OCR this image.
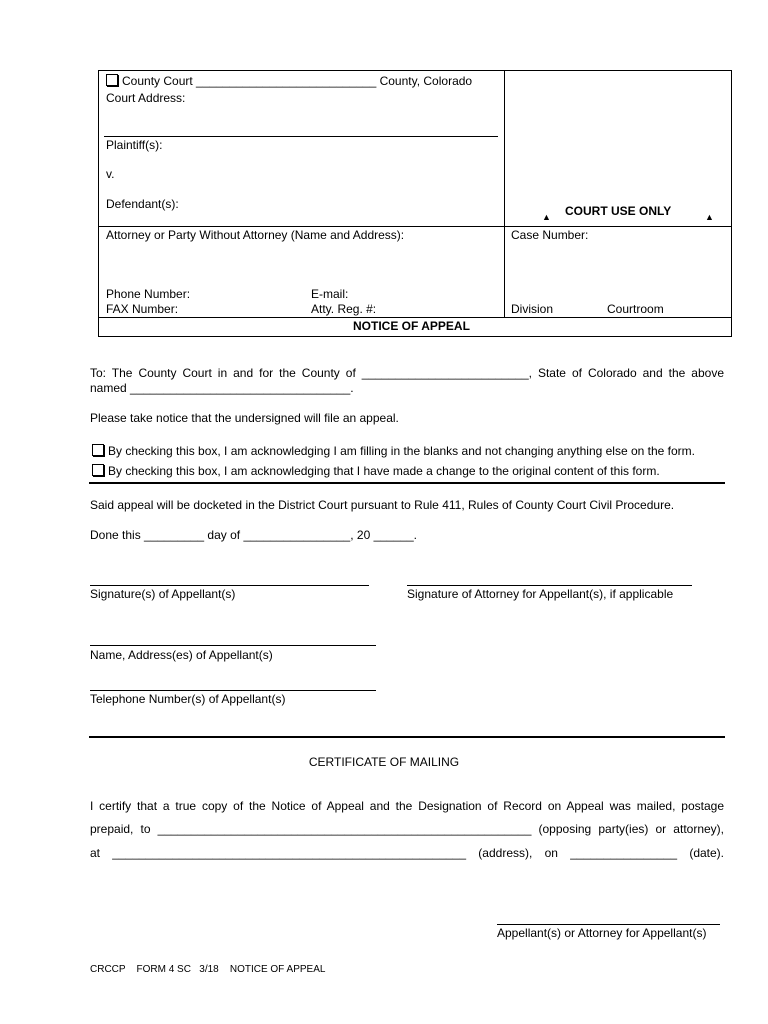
County Court ___________________________ County, Colorado
Court Address:
Plaintiff(s):
v.
Defendant(s):
▲ COURT USE ONLY	▲
Attorney or Party Without Attorney (Name and Address):	Case Number:
Phone Number:	E-mail:
FAX Number:	Atty. Reg. #:	Division	Courtroom
NOTICE OF APPEAL
To: The County Court in and for the County of _________________________, State of Colorado and the above
named _________________________________.
Please take notice that the undersigned will file an appeal.
By checking this box, I am acknowledging I am filling in the blanks and not changing anything else on the form.
By checking this box, I am acknowledging that I have made a change to the original content of this form.
Said appeal will be docketed in the District Court pursuant to Rule 411, Rules of County Court Civil Procedure.
Done this _________ day of ________________, 20 ______.
Signature(s) of Appellant(s)	Signature of Attorney for Appellant(s), if applicable
Name, Address(es) of Appellant(s)
Telephone Number(s) of Appellant(s)
CERTIFICATE OF MAILING
I certify that a true copy of the Notice of Appeal and the Designation of Record on Appeal was mailed, postage
prepaid, to ________________________________________________________ (opposing party(ies) or attorney),
at _____________________________________________________ (address), on ________________ (date).
Appellant(s) or Attorney for Appellant(s)
CRCCP    FORM 4 SC   3/18    NOTICE OF APPEAL
